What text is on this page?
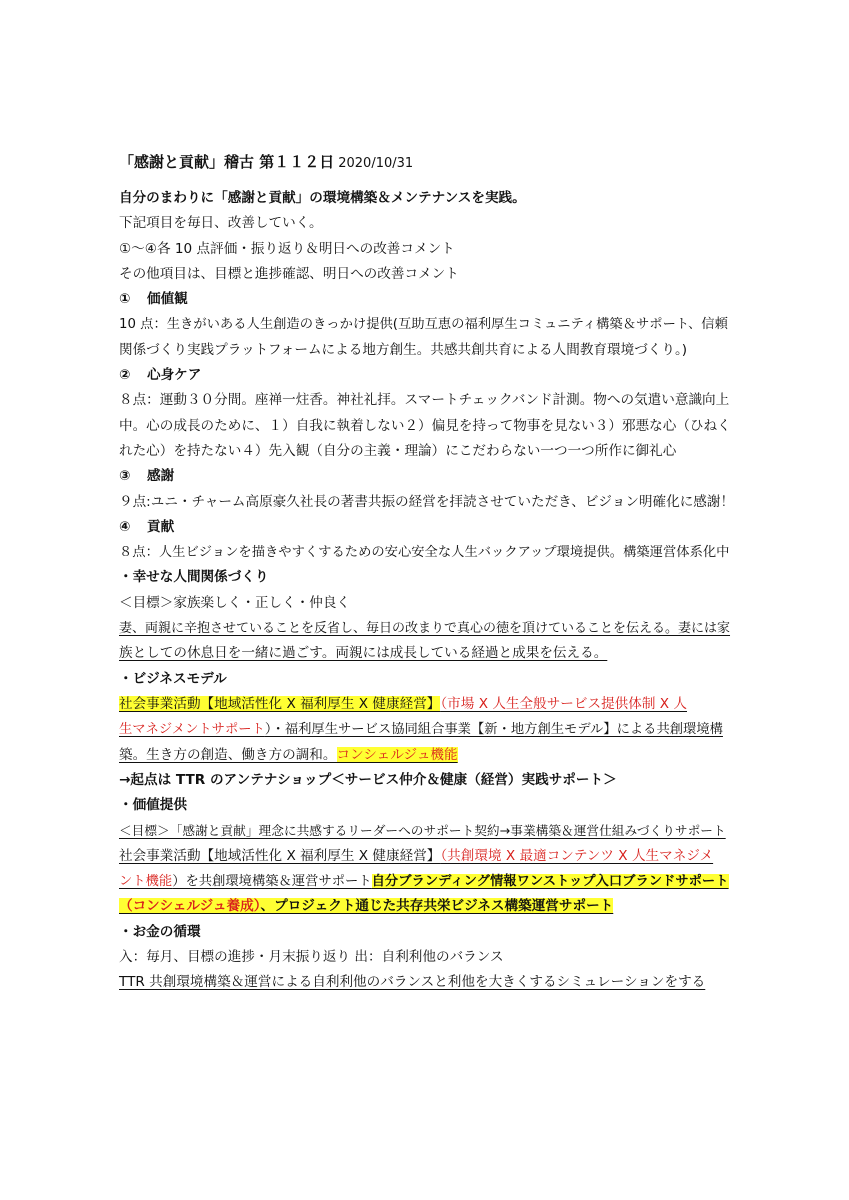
「感謝と貢献」稽古 第１１２日 2020/10/31
自分のまわりに「感謝と貢献」の環境構築＆メンテナンスを実践。
下記項目を毎日、改善していく。
①～④各 10 点評価・振り返り＆明日への改善コメント
その他項目は、目標と進捗確認、明日への改善コメント
① 価値観
10 点：生きがいある人生創造のきっかけ提供(互助互恵の福利厚生コミュニティ構築＆サポート、信頼
関係づくり実践プラットフォームによる地方創生。共感共創共育による人間教育環境づくり。)
② 心身ケア
８点：運動３０分間。座禅一炷香。神社礼拝。スマートチェックバンド計測。物への気遣い意識向上
中。心の成長のために、１）自我に執着しない２）偏見を持って物事を見ない３）邪悪な心（ひねく
れた心）を持たない４）先入観（自分の主義・理論）にこだわらない一つ一つ所作に御礼心
③ 感謝
９点:ユニ・チャーム高原豪久社長の著書共振の経営を拝読させていただき、ビジョン明確化に感謝！
④ 貢献
８点：人生ビジョンを描きやすくするための安心安全な人生バックアップ環境提供。構築運営体系化中
・幸せな人間関係づくり
＜目標＞家族楽しく・正しく・仲良く
妻、両親に辛抱させていることを反省し、毎日の改まりで真心の徳を頂けていることを伝える。妻には家
族としての休息日を一緒に過ごす。両親には成長している経過と成果を伝える。
・ビジネスモデル
社会事業活動【地域活性化 X 福利厚生 X 健康経営】（市場 X 人生全般サービス提供体制 X 人
生マネジメントサポート）・福利厚生サービス協同組合事業【新・地方創生モデル】による共創環境構
築。生き方の創造、働き方の調和。コンシェルジュ機能
→起点は TTR のアンテナショップ＜サービス仲介＆健康（経営）実践サポート＞
・価値提供
＜目標＞「感謝と貢献」理念に共感するリーダーへのサポート契約→事業構築＆運営仕組みづくりサポート
社会事業活動【地域活性化 X 福利厚生 X 健康経営】（共創環境 X 最適コンテンツ X 人生マネジメ
ント機能）を共創環境構築＆運営サポート自分ブランディング情報ワンストップ入口ブランドサポート
（コンシェルジュ養成）、プロジェクト通じた共存共栄ビジネス構築運営サポート
・お金の循環
入：毎月、目標の進捗・月末振り返り 出：自利利他のバランス
TTR 共創環境構築＆運営による自利利他のバランスと利他を大きくするシミュレーションをする
